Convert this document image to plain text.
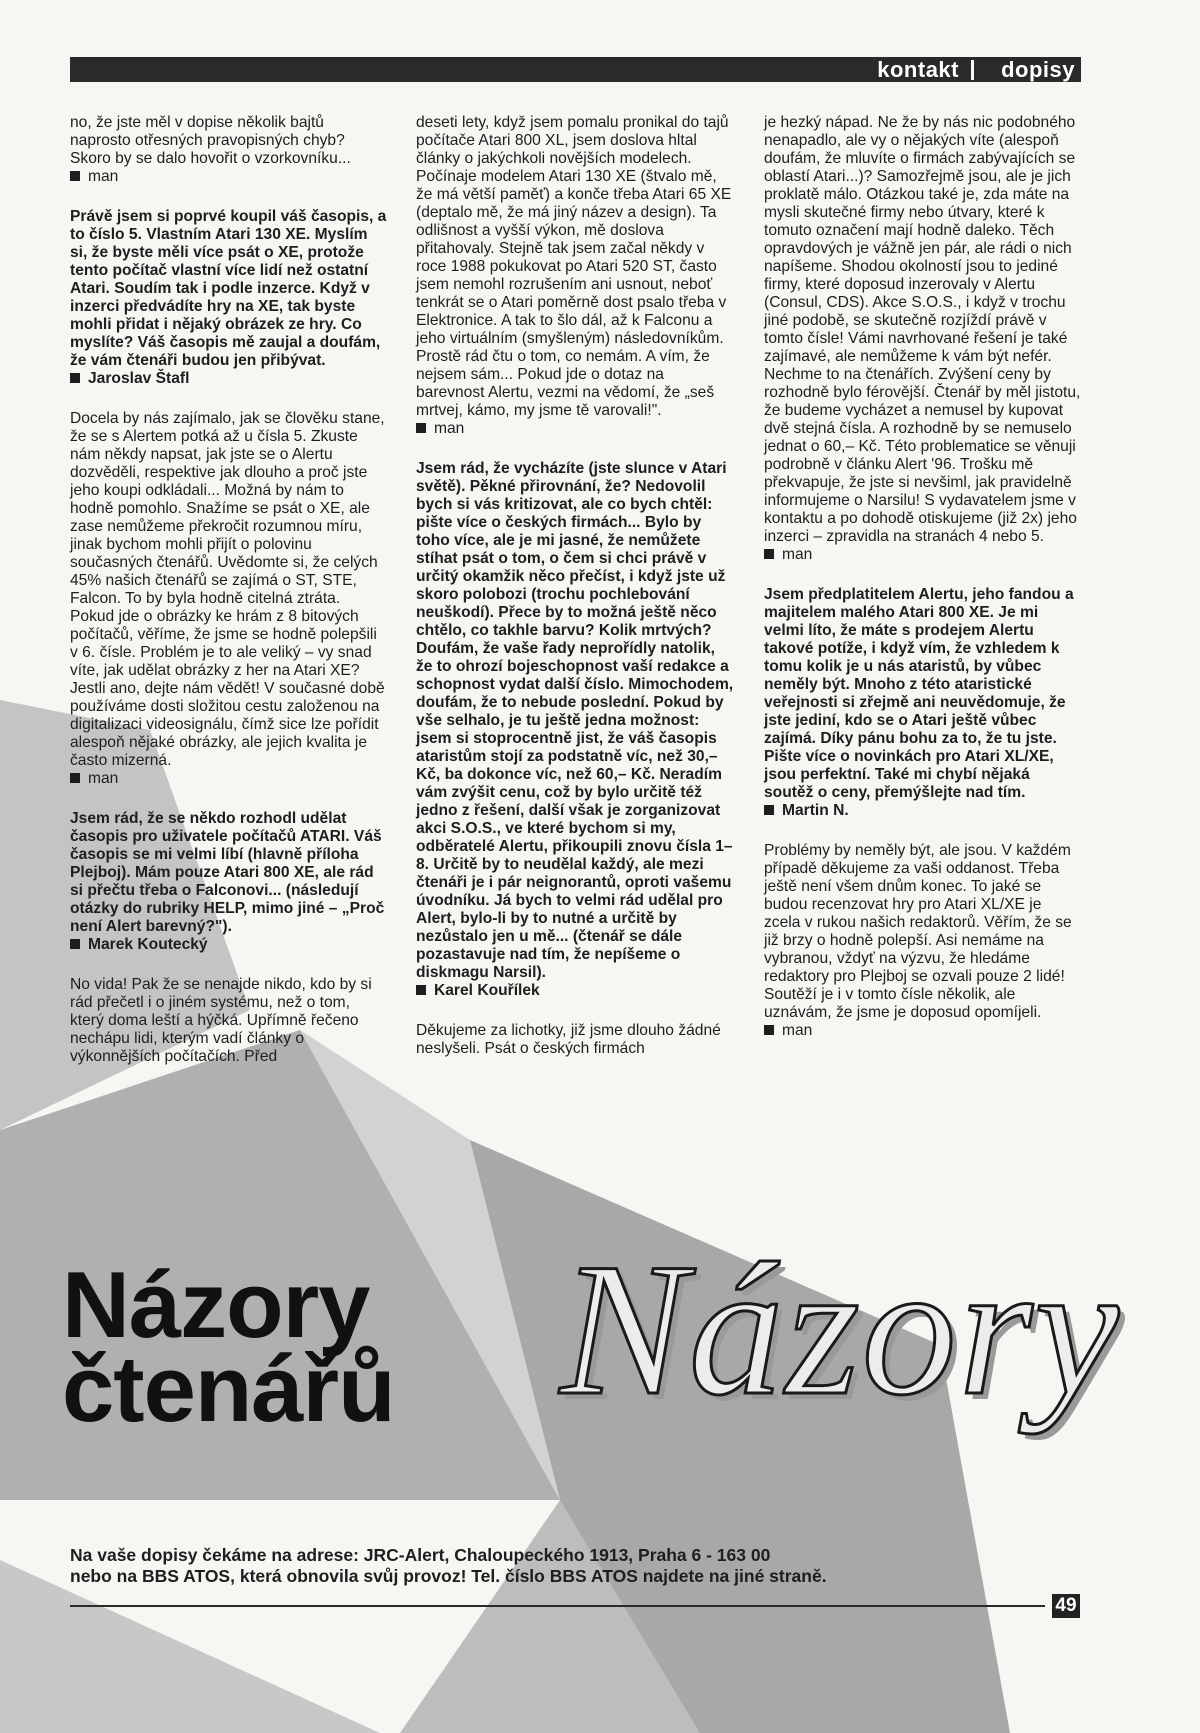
kontakt dopisy

no, že jste měl v dopise několik bajtů naprosto otřesných pravopisných chyb? Skoro by se dalo hovořit o vzorkovníku...
man

Právě jsem si poprvé koupil váš časopis, a to číslo 5. Vlastním Atari 130 XE. Myslím si, že byste měli více psát o XE, protože tento počítač vlastní více lidí než ostatní Atari. Soudím tak i podle inzerce. Když v inzerci předvádíte hry na XE, tak byste mohli přidat i nějaký obrázek ze hry. Co myslíte? Váš časopis mě zaujal a doufám, že vám čtenáři budou jen přibývat.
Jaroslav Štafl

Docela by nás zajímalo, jak se člověku stane, že se s Alertem potká až u čísla 5. Zkuste nám někdy napsat, jak jste se o Alertu dozvěděli, respektive jak dlouho a proč jste jeho koupi odkládali... Možná by nám to hodně pomohlo. Snažíme se psát o XE, ale zase nemůžeme překročit rozumnou míru, jinak bychom mohli přijít o polovinu současných čtenářů. Uvědomte si, že celých 45% našich čtenářů se zajímá o ST, STE, Falcon. To by byla hodně citelná ztráta. Pokud jde o obrázky ke hrám z 8 bitových počítačů, věříme, že jsme se hodně polepšili v 6. čísle. Problém je to ale veliký – vy snad víte, jak udělat obrázky z her na Atari XE? Jestli ano, dejte nám vědět! V současné době používáme dosti složitou cestu založenou na digitalizaci videosignálu, čímž sice lze pořídit alespoň nějaké obrázky, ale jejich kvalita je často mizerná.
man

Jsem rád, že se někdo rozhodl udělat časopis pro uživatele počítačů ATARI. Váš časopis se mi velmi líbí (hlavně příloha Plejboj). Mám pouze Atari 800 XE, ale rád si přečtu třeba o Falconovi... (následují otázky do rubriky HELP, mimo jiné – „Proč není Alert barevný?").
Marek Koutecký

No vida! Pak že se nenajde nikdo, kdo by si rád přečetl i o jiném systému, než o tom, který doma leští a hýčká. Upřímně řečeno nechápu lidi, kterým vadí články o výkonnějších počítačích. Před

deseti lety, když jsem pomalu pronikal do tajů počítače Atari 800 XL, jsem doslova hltal články o jakýchkoli novějších modelech. Počínaje modelem Atari 130 XE (štvalo mě, že má větší paměť) a konče třeba Atari 65 XE (deptalo mě, že má jiný název a design). Ta odlišnost a vyšší výkon, mě doslova přitahovaly. Stejně tak jsem začal někdy v roce 1988 pokukovat po Atari 520 ST, často jsem nemohl rozrušením ani usnout, neboť tenkrát se o Atari poměrně dost psalo třeba v Elektronice. A tak to šlo dál, až k Falconu a jeho virtuálním (smyšleným) následovníkům. Prostě rád čtu o tom, co nemám. A vím, že nejsem sám... Pokud jde o dotaz na barevnost Alertu, vezmi na vědomí, že „seš mrtvej, kámo, my jsme tě varovali!".
man

Jsem rád, že vycházíte (jste slunce v Atari světě). Pěkné přirovnání, že? Nedovolil bych si vás kritizovat, ale co bych chtěl: pište více o českých firmách... Bylo by toho více, ale je mi jasné, že nemůžete stíhat psát o tom, o čem si chci právě v určitý okamžik něco přečíst, i když jste už skoro polobozi (trochu pochlebování neuškodí). Přece by to možná ještě něco chtělo, co takhle barvu? Kolik mrtvých? Doufám, že vaše řady neprořídly natolik, že to ohrozí bojeschopnost vaší redakce a schopnost vydat další číslo. Mimochodem, doufám, že to nebude poslední. Pokud by vše selhalo, je tu ještě jedna možnost: jsem si stoprocentně jist, že váš časopis ataristům stojí za podstatně víc, než 30,– Kč, ba dokonce víc, než 60,– Kč. Neradím vám zvýšit cenu, což by bylo určitě též jedno z řešení, další však je zorganizovat akci S.O.S., ve které bychom si my, odběratelé Alertu, přikoupili znovu čísla 1–8. Určitě by to neudělal každý, ale mezi čtenáři je i pár neignorantů, oproti vašemu úvodníku. Já bych to velmi rád udělal pro Alert, bylo-li by to nutné a určitě by nezůstalo jen u mě... (čtenář se dále pozastavuje nad tím, že nepíšeme o diskmagu Narsil).
Karel Kouřílek

Děkujeme za lichotky, již jsme dlouho žádné neslyšeli. Psát o českých firmách

je hezký nápad. Ne že by nás nic podobného nenapadlo, ale vy o nějakých víte (alespoň doufám, že mluvíte o firmách zabývajících se oblastí Atari...)? Samozřejmě jsou, ale je jich proklatě málo. Otázkou také je, zda máte na mysli skutečné firmy nebo útvary, které k tomuto označení mají hodně daleko. Těch opravdových je vážně jen pár, ale rádi o nich napíšeme. Shodou okolností jsou to jediné firmy, které doposud inzerovaly v Alertu (Consul, CDS). Akce S.O.S., i když v trochu jiné podobě, se skutečně rozjíždí právě v tomto čísle! Vámi navrhované řešení je také zajímavé, ale nemůžeme k vám být nefér. Nechme to na čtenářích. Zvýšení ceny by rozhodně bylo férovější. Čtenář by měl jistotu, že budeme vycházet a nemusel by kupovat dvě stejná čísla. A rozhodně by se nemuselo jednat o 60,– Kč. Této problematice se věnuji podrobně v článku Alert '96. Trošku mě překvapuje, že jste si nevšiml, jak pravidelně informujeme o Narsilu! S vydavatelem jsme v kontaktu a po dohodě otiskujeme (již 2x) jeho inzerci – zpravidla na stranách 4 nebo 5.
man

Jsem předplatitelem Alertu, jeho fandou a majitelem malého Atari 800 XE. Je mi velmi líto, že máte s prodejem Alertu takové potíže, i když vím, že vzhledem k tomu kolik je u nás ataristů, by vůbec neměly být. Mnoho z této ataristické veřejnosti si zřejmě ani neuvědomuje, že jste jediní, kdo se o Atari ještě vůbec zajímá. Díky pánu bohu za to, že tu jste. Pište více o novinkách pro Atari XL/XE, jsou perfektní. Také mi chybí nějaká soutěž o ceny, přemýšlejte nad tím.
Martin N.

Problémy by neměly být, ale jsou. V každém případě děkujeme za vaši oddanost. Třeba ještě není všem dnům konec. To jaké se budou recenzovat hry pro Atari XL/XE je zcela v rukou našich redaktorů. Věřím, že se již brzy o hodně polepší. Asi nemáme na vybranou, vždyť na výzvu, že hledáme redaktory pro Plejboj se ozvali pouze 2 lidé! Soutěží je i v tomto čísle několik, ale uznávám, že jsme je doposud opomíjeli.
man

Názory
Názory
čtenářů
Na vaše dopisy čekáme na adrese: JRC-Alert, Chaloupeckého 1913, Praha 6 - 163 00
nebo na BBS ATOS, která obnovila svůj provoz! Tel. číslo BBS ATOS najdete na jiné straně.
49
